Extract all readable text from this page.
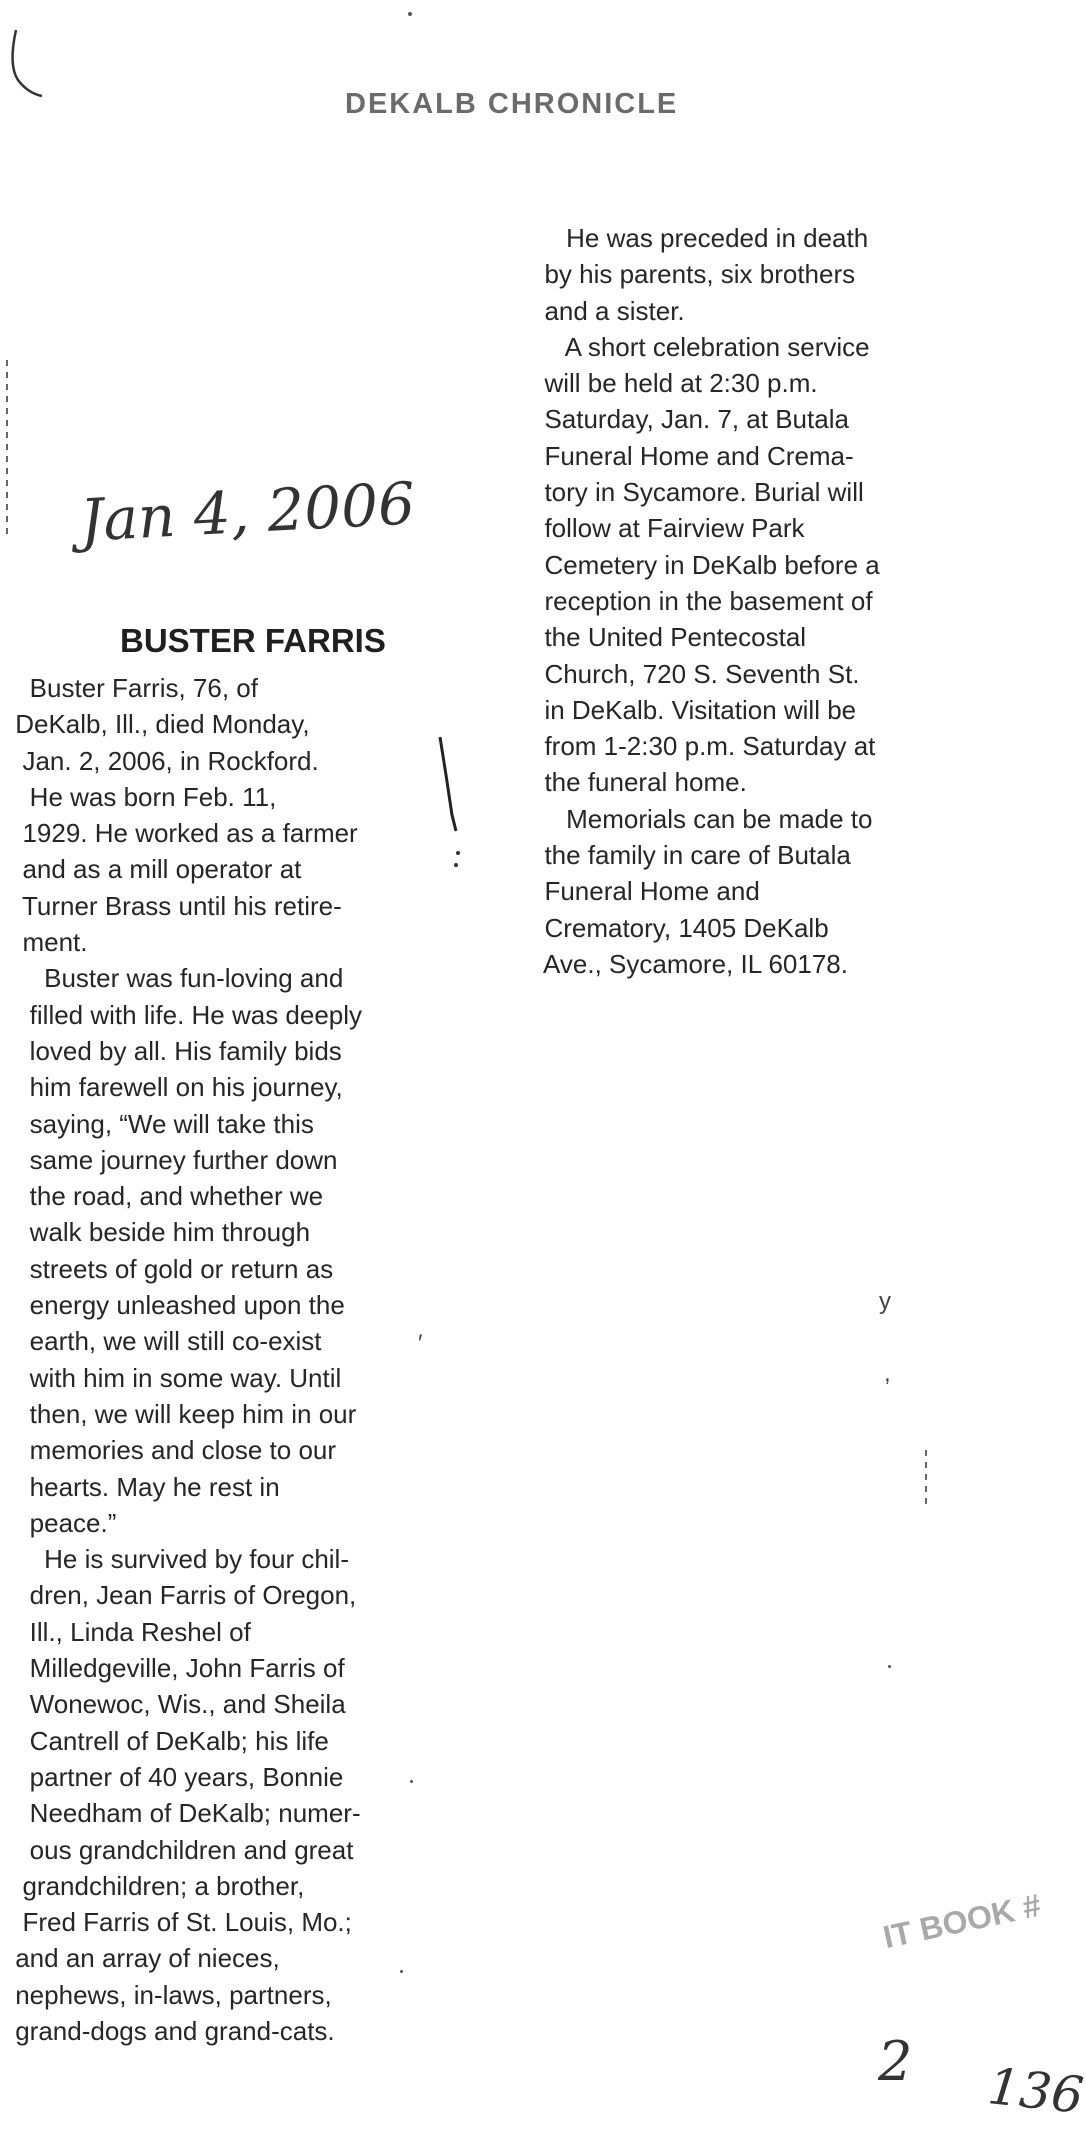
DEKALB CHRONICLE
Jan 4, 2006
BUSTER FARRIS
Buster Farris, 76, of
DeKalb, Ill., died Monday,
Jan. 2, 2006, in Rockford.
He was born Feb. 11,
1929. He worked as a farmer
and as a mill operator at
Turner Brass until his retire-
ment.
Buster was fun-loving and
filled with life. He was deeply
loved by all. His family bids
him farewell on his journey,
saying, “We will take this
same journey further down
the road, and whether we
walk beside him through
streets of gold or return as
energy unleashed upon the
earth, we will still co-exist
with him in some way. Until
then, we will keep him in our
memories and close to our
hearts. May he rest in
peace.”
He is survived by four chil-
dren, Jean Farris of Oregon,
Ill., Linda Reshel of
Milledgeville, John Farris of
Wonewoc, Wis., and Sheila
Cantrell of DeKalb; his life
partner of 40 years, Bonnie
Needham of DeKalb; numer-
ous grandchildren and great
grandchildren; a brother,
Fred Farris of St. Louis, Mo.;
and an array of nieces,
nephews, in-laws, partners,
grand-dogs and grand-cats.
He was preceded in death
by his parents, six brothers
and a sister.
A short celebration service
will be held at 2:30 p.m.
Saturday, Jan. 7, at Butala
Funeral Home and Crema-
tory in Sycamore. Burial will
follow at Fairview Park
Cemetery in DeKalb before a
reception in the basement of
the United Pentecostal
Church, 720 S. Seventh St.
in DeKalb. Visitation will be
from 1-2:30 p.m. Saturday at
the funeral home.
Memorials can be made to
the family in care of Butala
Funeral Home and
Crematory, 1405 DeKalb
Ave., Sycamore, IL 60178.
y
,
′
IT BOOK #
2 136
